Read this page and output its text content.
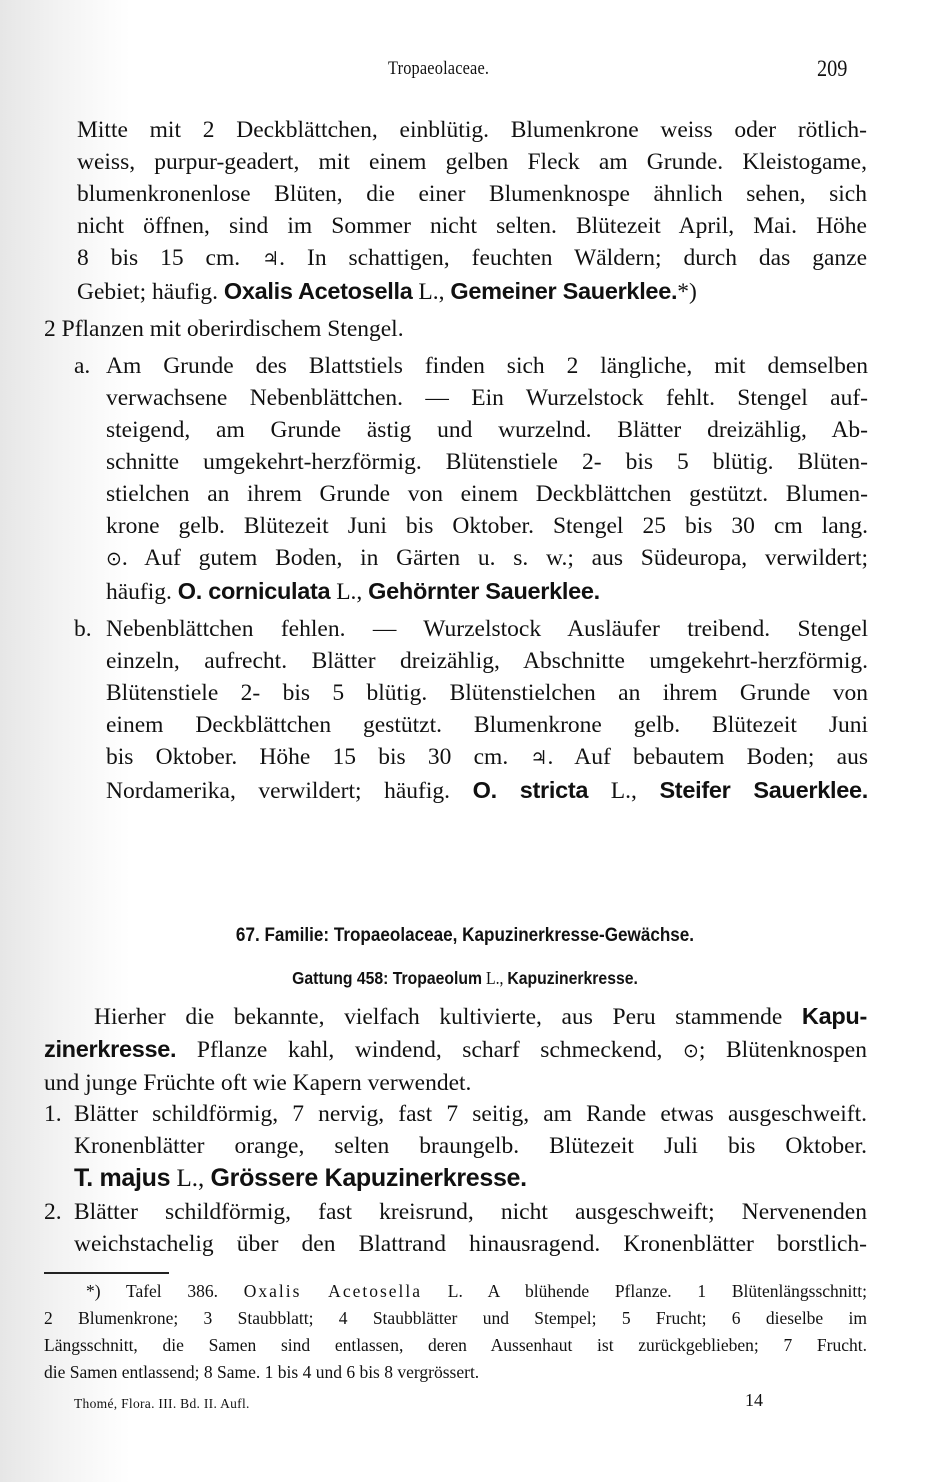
Tropaeolaceae.	209
Mitte mit 2 Deckblättchen, einblütig. Blumenkrone weiss oder rötlich-
weiss, purpur-geadert, mit einem gelben Fleck am Grunde. Kleistogame,
blumenkronenlose Blüten, die einer Blumenknospe ähnlich sehen, sich
nicht öffnen, sind im Sommer nicht selten. Blütezeit April, Mai. Höhe
8 bis 15 cm. ♃. In schattigen, feuchten Wäldern; durch das ganze
Gebiet; häufig. Oxalis Acetosella L., Gemeiner Sauerklee.*)
2 Pflanzen mit oberirdischem Stengel.
a. Am Grunde des Blattstiels finden sich 2 längliche, mit demselben
verwachsene Nebenblättchen. — Ein Wurzelstock fehlt. Stengel auf-
steigend, am Grunde ästig und wurzelnd. Blätter dreizählig, Ab-
schnitte umgekehrt-herzförmig. Blütenstiele 2- bis 5 blütig. Blüten-
stielchen an ihrem Grunde von einem Deckblättchen gestützt. Blumen-
krone gelb. Blütezeit Juni bis Oktober. Stengel 25 bis 30 cm lang.
⊙. Auf gutem Boden, in Gärten u. s. w.; aus Südeuropa, verwildert;
häufig. O. corniculata L., Gehörnter Sauerklee.
b. Nebenblättchen fehlen. — Wurzelstock Ausläufer treibend. Stengel
einzeln, aufrecht. Blätter dreizählig, Abschnitte umgekehrt-herzförmig.
Blütenstiele 2- bis 5 blütig. Blütenstielchen an ihrem Grunde von
einem Deckblättchen gestützt. Blumenkrone gelb. Blütezeit Juni
bis Oktober. Höhe 15 bis 30 cm. ♃. Auf bebautem Boden; aus
Nordamerika, verwildert; häufig. O. stricta L., Steifer Sauerklee.
67. Familie: Tropaeolaceae, Kapuzinerkresse-Gewächse.
Gattung 458: Tropaeolum L., Kapuzinerkresse.
Hierher die bekannte, vielfach kultivierte, aus Peru stammende Kapu-
zinerkresse. Pflanze kahl, windend, scharf schmeckend, ⊙; Blütenknospen
und junge Früchte oft wie Kapern verwendet.
1. Blätter schildförmig, 7 nervig, fast 7 seitig, am Rande etwas ausgeschweift.
Kronenblätter orange, selten braungelb. Blütezeit Juli bis Oktober.
T. majus L., Grössere Kapuzinerkresse.
2. Blätter schildförmig, fast kreisrund, nicht ausgeschweift; Nervenenden
weichstachelig über den Blattrand hinausragend. Kronenblätter borstlich-
*) Tafel 386. Oxalis Acetosella L. A blühende Pflanze. 1 Blütenlängsschnitt;
2 Blumenkrone; 3 Staubblatt; 4 Staubblätter und Stempel; 5 Frucht; 6 dieselbe im
Längsschnitt, die Samen sind entlassen, deren Aussenhaut ist zurückgeblieben; 7 Frucht.
die Samen entlassend; 8 Same. 1 bis 4 und 6 bis 8 vergrössert.
Thomé, Flora. III. Bd. II. Aufl.	14
